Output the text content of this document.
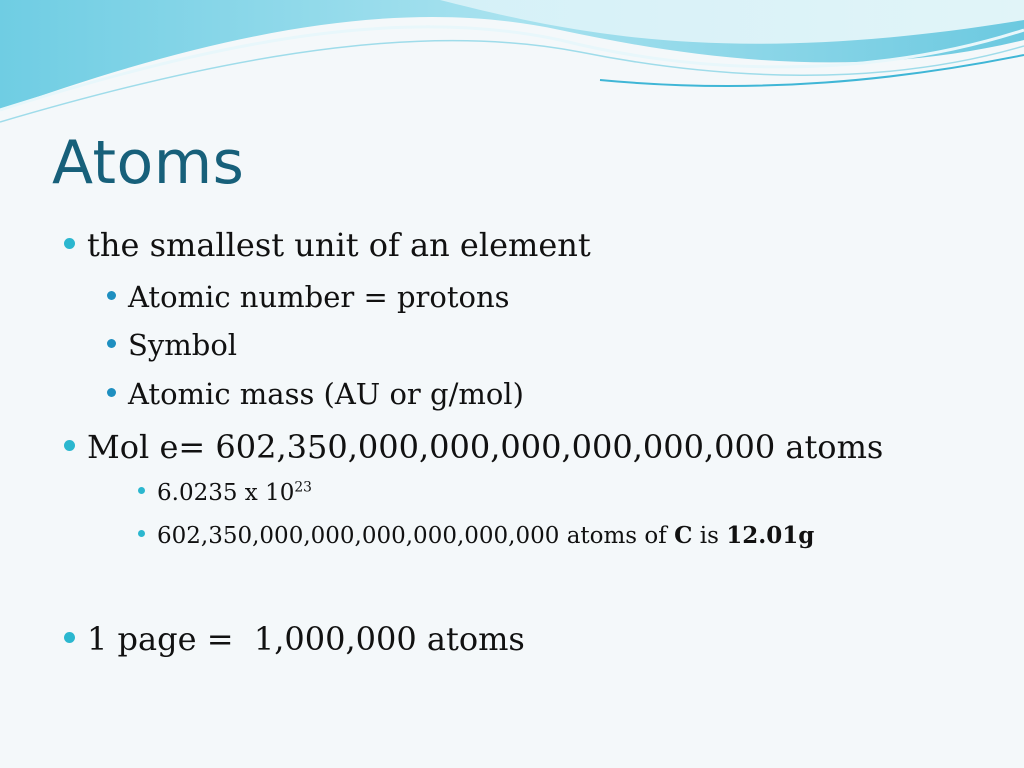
Atoms
the smallest unit of an element
Atomic number = protons
Symbol
Atomic mass (AU or g/mol)
Mol e= 602,350,000,000,000,000,000,000 atoms
6.0235 x $10^{23}$
602,350,000,000,000,000,000,000 atoms of C is 12.01g
1 page =  1,000,000 atoms
